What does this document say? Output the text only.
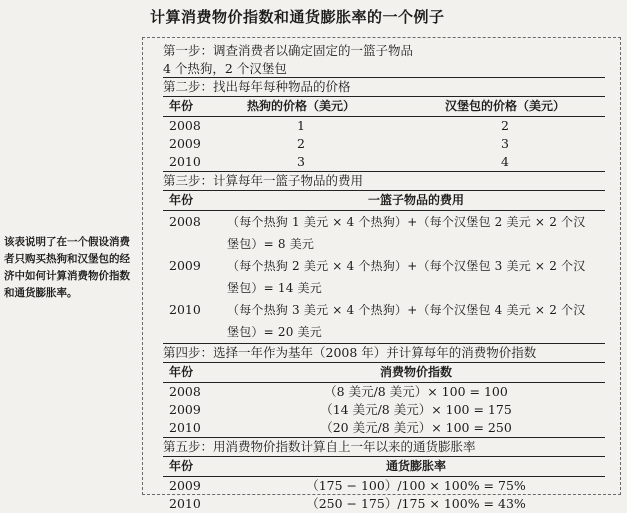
计算消费物价指数和通货膨胀率的一个例子
该表说明了在一个假设消费者只购买热狗和汉堡包的经济中如何计算消费物价指数和通货膨胀率。
第一步：调查消费者以确定固定的一篮子物品
4 个热狗，2 个汉堡包
第二步：找出每年每种物品的价格
年份	热狗的价格（美元）	汉堡包的价格（美元）
2008	1	2
2009	2	3
2010	3	4
第三步：计算每年一篮子物品的费用
年份	一篮子物品的费用
2008	（每个热狗 1 美元 × 4 个热狗）+（每个汉堡包 2 美元 × 2 个汉
堡包）= 8 美元
2009	（每个热狗 2 美元 × 4 个热狗）+（每个汉堡包 3 美元 × 2 个汉
堡包）= 14 美元
2010	（每个热狗 3 美元 × 4 个热狗）+（每个汉堡包 4 美元 × 2 个汉
堡包）= 20 美元
第四步：选择一年作为基年（2008 年）并计算每年的消费物价指数
年份	消费物价指数
2008	（8 美元/8 美元）× 100 = 100
2009	（14 美元/8 美元）× 100 = 175
2010	（20 美元/8 美元）× 100 = 250
第五步：用消费物价指数计算自上一年以来的通货膨胀率
年份	通货膨胀率
2009	（175 − 100）/100 × 100% = 75%
2010	（250 − 175）/175 × 100% = 43%
